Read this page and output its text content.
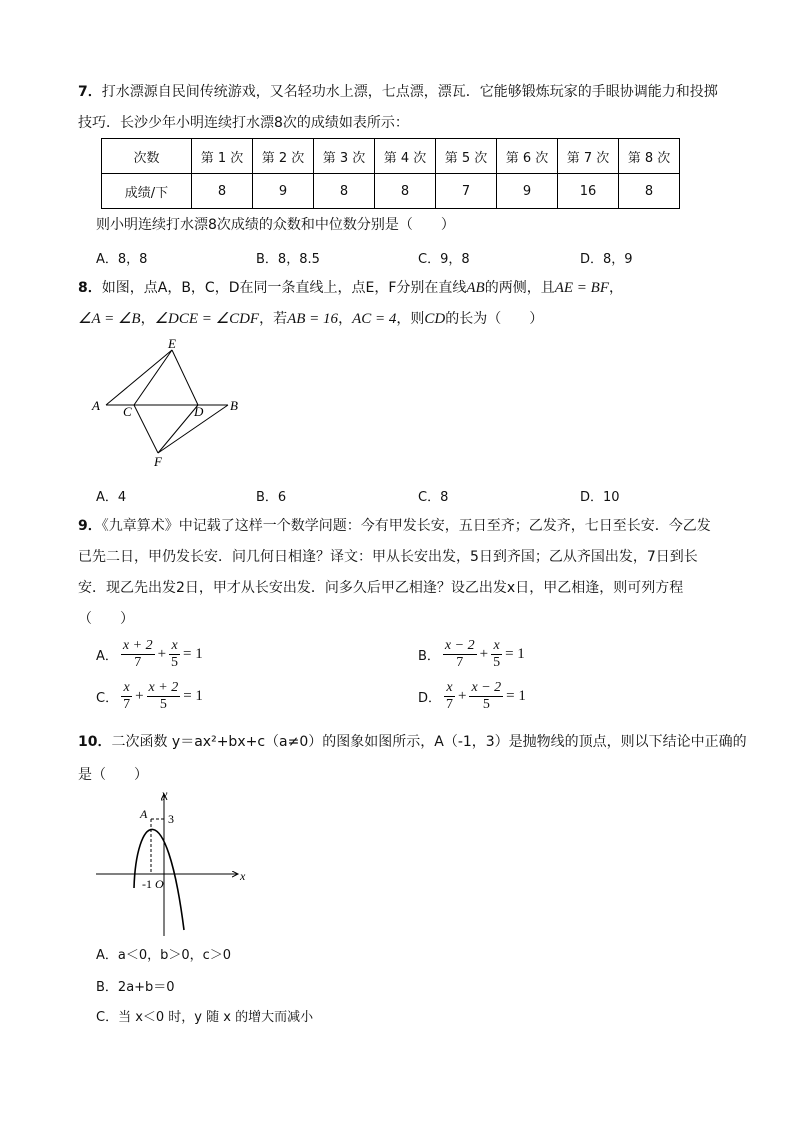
7．打水漂源自民间传统游戏，又名轻功水上漂，七点漂，漂瓦．它能够锻炼玩家的手眼协调能力和投掷
技巧．长沙少年小明连续打水漂8次的成绩如表所示：
次数	第 1 次	第 2 次	第 3 次	第 4 次	第 5 次	第 6 次	第 7 次	第 8 次
成绩/下	8	9	8	8	7	9	16	8
则小明连续打水漂8次成绩的众数和中位数分别是（　　）
A．8，8	B．8，8.5	C．9，8	D．8，9
8．如图，点A，B，C，D在同一条直线上，点E，F分别在直线AB的两侧，且AE = BF，
∠A = ∠B，∠DCE = ∠CDF，若AB = 16，AC = 4，则CD的长为（　　）
E
A C	D B
F
A．4	B．6	C．8	D．10
9．《九章算术》中记载了这样一个数学问题：今有甲发长安，五日至齐；乙发齐，七日至长安．今乙发
已先二日，甲仍发长安．问几何日相逢？译文：甲从长安出发，5日到齐国；乙从齐国出发，7日到长
安．现乙先出发2日，甲才从长安出发．问多久后甲乙相逢？设乙出发x日，甲乙相逢，则可列方程
（　　）
A． $\frac{x + 2}{7} + \frac{x}{5} = 1$	B． $\frac{x - 2}{7} + \frac{x}{5} = 1$
C． $\frac{x}{7} + \frac{x + 2}{5} = 1$	D． $\frac{x}{7} + \frac{x - 2}{5} = 1$
10．二次函数 y＝ax²+bx+c（a≠0）的图象如图所示，A（-1，3）是抛物线的顶点，则以下结论中正确的
是（　　）
y
x
A 3
-1 O
A．a＜0，b＞0，c＞0
B．2a+b＝0
C．当 x＜0 时，y 随 x 的增大而减小
